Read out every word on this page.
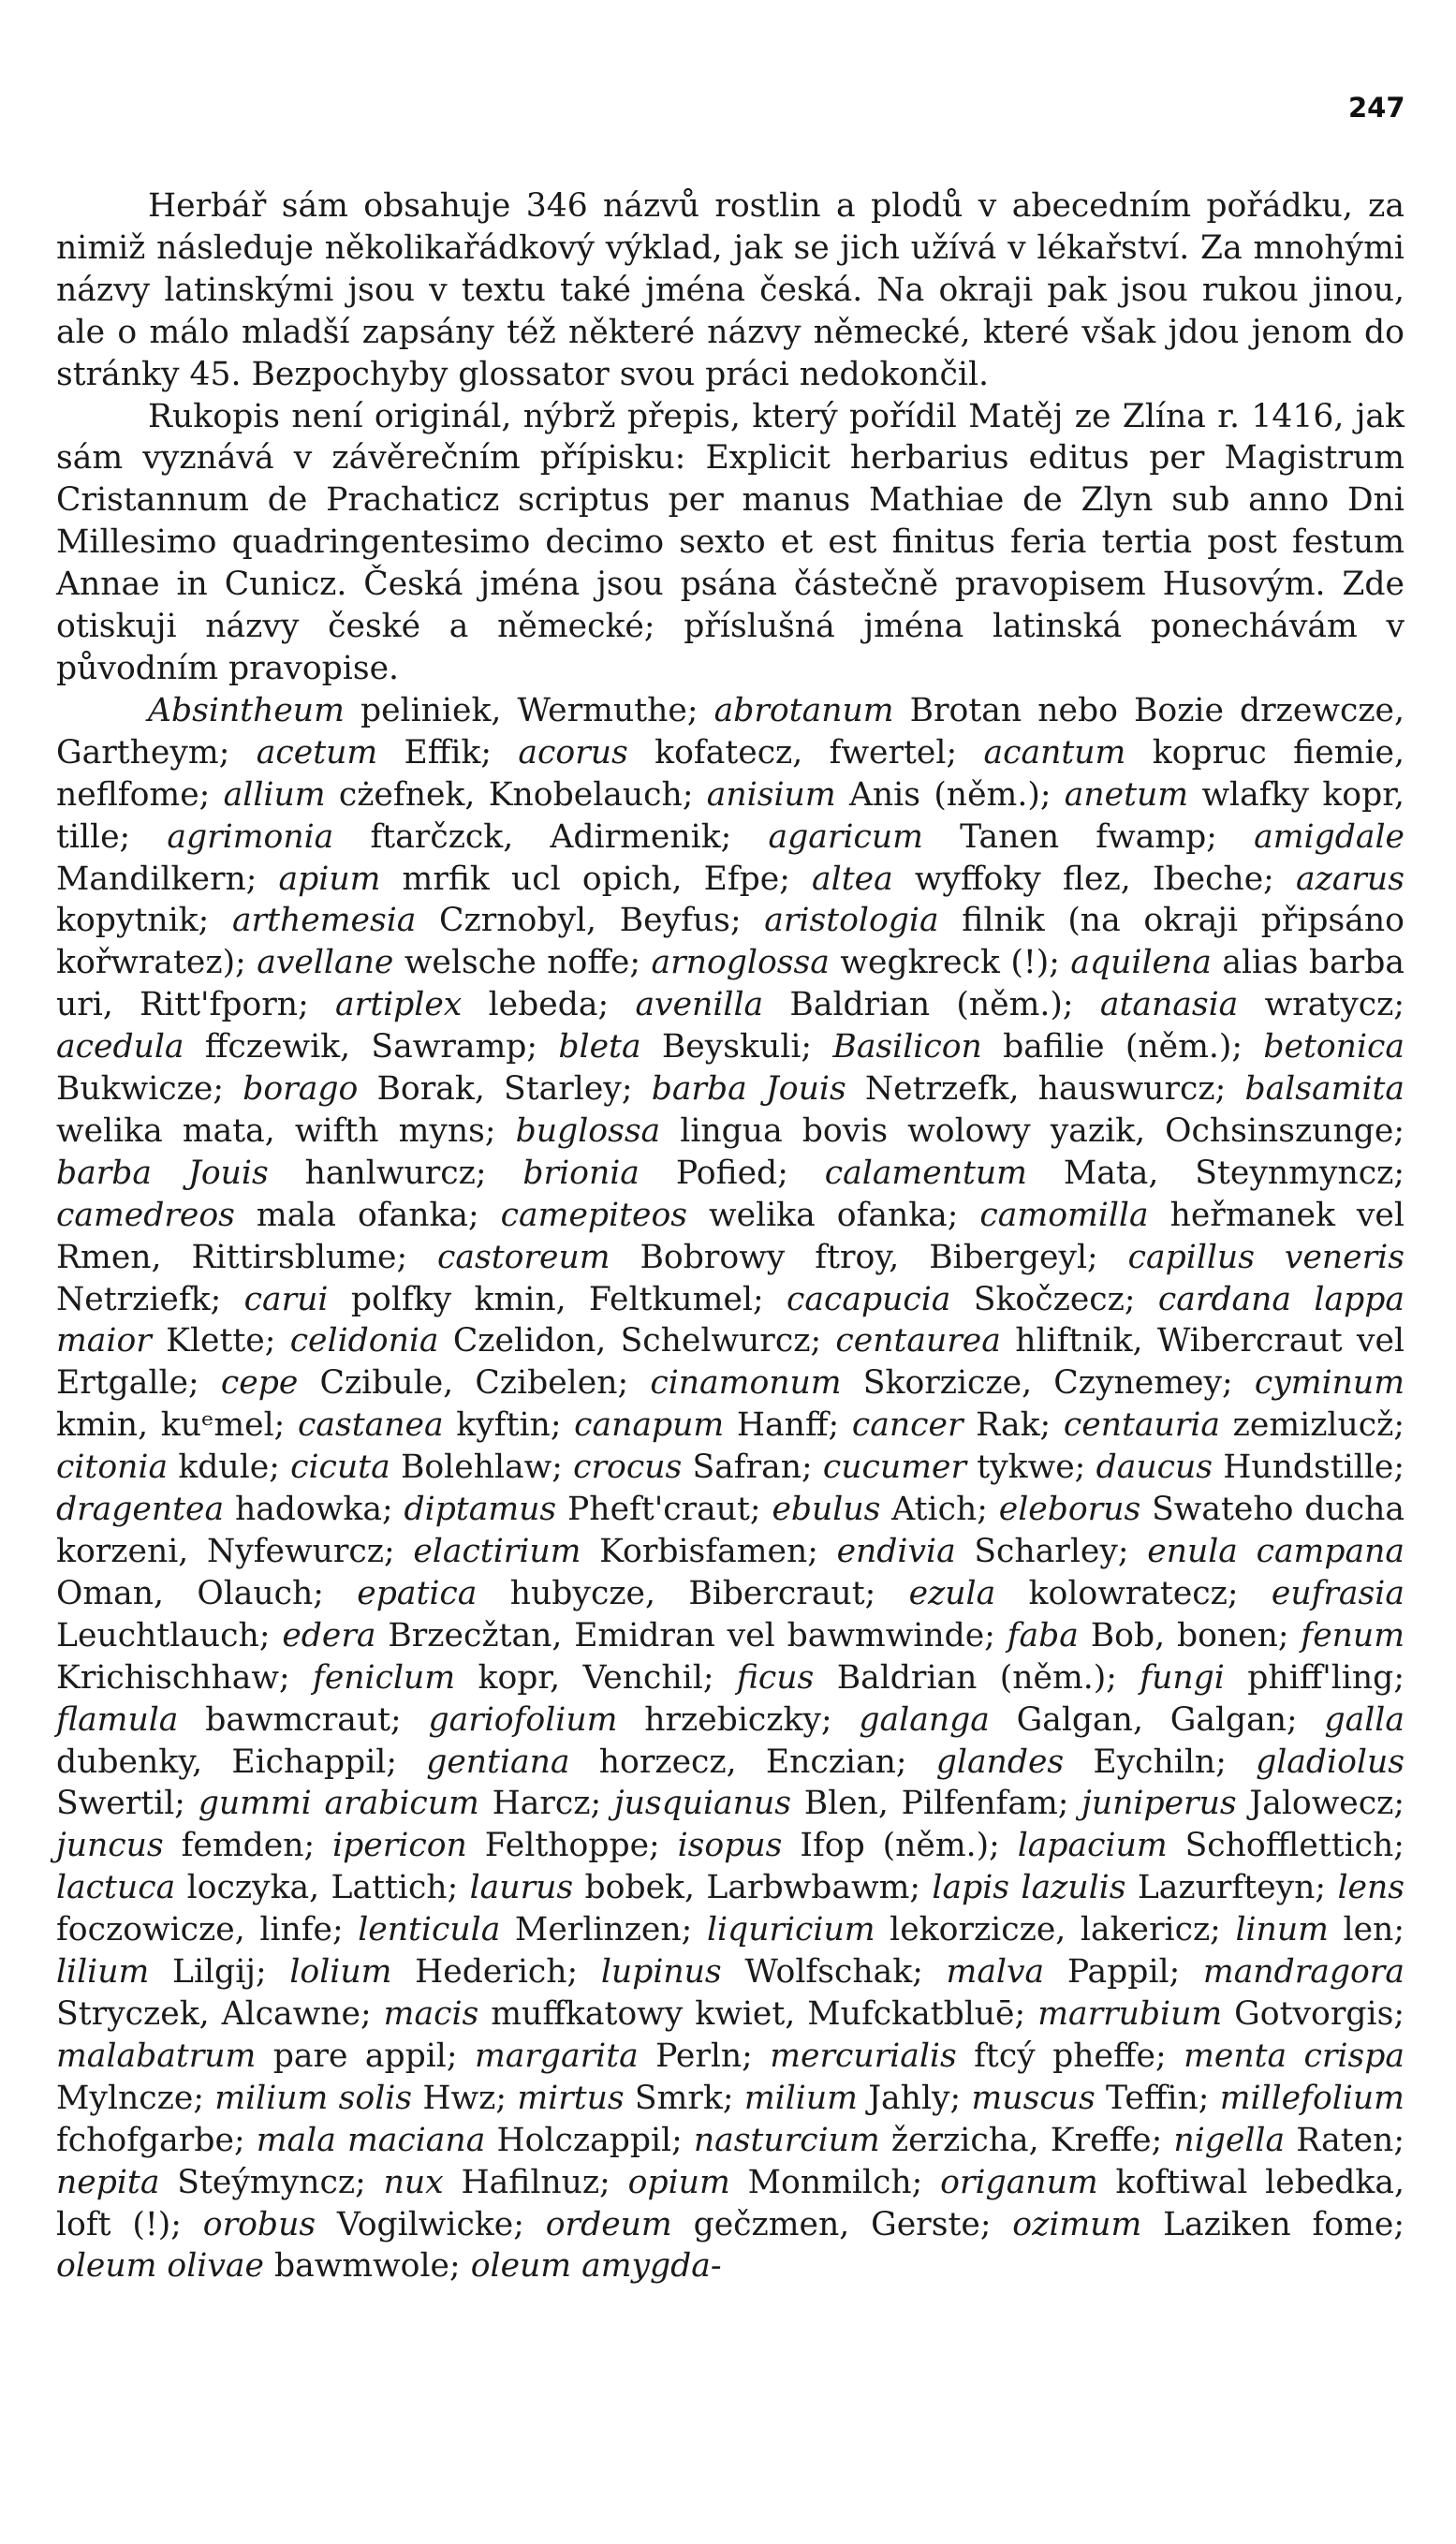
247

Herbář sám obsahuje 346 názvů rostlin a plodů v abecedním pořádku, za nimiž následuje několikařádkový výklad, jak se jich užívá v lékařství. Za mnohými názvy latinskými jsou v textu také jména česká. Na okraji pak jsou rukou jinou, ale o málo mladší zapsány též některé názvy německé, které však jdou jenom do stránky 45. Bezpochyby glossator svou práci nedokončil.

Rukopis není originál, nýbrž přepis, který pořídil Matěj ze Zlína r. 1416, jak sám vyznává v závěrečním přípisku: Explicit herbarius editus per Magistrum Cristannum de Prachaticz scriptus per manus Mathiae de Zlyn sub anno Dni Millesimo quadringentesimo decimo sexto et est finitus feria tertia post festum Annae in Cunicz. Česká jména jsou psána částečně pravopisem Husovým. Zde otiskuji názvy české a německé; příslušná jména latinská ponechávám v původním pravopise.

Absintheum peliniek, Wermuthe; abrotanum Brotan nebo Bozie drzewcze, Gartheym; acetum Effik; acorus kofatecz, fwertel; acantum kopruc fiemie, neflfome; allium cżefnek, Knobelauch; anisium Anis (něm.); anetum wlafky kopr, tille; agrimonia ftarčzck, Adirmenik; agaricum Tanen fwamp; amigdale Mandilkern; apium mrfik ucl opich, Efpe; altea wyffoky flez, Ibeche; azarus kopytnik; arthemesia Czrnobyl, Beyfus; aristologia filnik (na okraji připsáno kořwratez); avellane welsche noffe; arnoglossa wegkreck (!); aquilena alias barba uri, Ritt'fporn; artiplex lebeda; avenilla Baldrian (něm.); atanasia wratycz; acedula ffczewik, Sawramp; bleta Beyskuli; Basilicon bafilie (něm.); betonica Bukwicze; borago Borak, Starley; barba Jouis Netrzefk, hauswurcz; balsamita welika mata, wifth myns; buglossa lingua bovis wolowy yazik, Ochsinszunge; barba Jouis hanlwurcz; brionia Pofied; calamentum Mata, Steynmyncz; camedreos mala ofanka; camepiteos welika ofanka; camomilla heřmanek vel Rmen, Rittirsblume; castoreum Bobrowy ftroy, Bibergeyl; capillus veneris Netrziefk; carui polfky kmin, Feltkumel; cacapucia Skočzecz; cardana lappa maior Klette; celidonia Czelidon, Schelwurcz; centaurea hliftnik, Wibercraut vel Ertgalle; cepe Czibule, Czibelen; cinamonum Skorzicze, Czynemey; cyminum kmin, kuᵉmel; castanea kyftin; canapum Hanff; cancer Rak; centauria zemizlucž; citonia kdule; cicuta Bolehlaw; crocus Safran; cucumer tykwe; daucus Hundstille; dragentea hadowka; diptamus Pheft'craut; ebulus Atich; eleborus Swateho ducha korzeni, Nyfewurcz; elactirium Korbisfamen; endivia Scharley; enula campana Oman, Olauch; epatica hubycze, Bibercraut; ezula kolowratecz; eufrasia Leuchtlauch; edera Brzecžtan, Emidran vel bawmwinde; faba Bob, bonen; fenum Krichischhaw; feniclum kopr, Venchil; ficus Baldrian (něm.); fungi phiff'ling; flamula bawmcraut; gariofolium hrzebiczky; galanga Galgan, Galgan; galla dubenky, Eichappil; gentiana horzecz, Enczian; glandes Eychiln; gladiolus Swertil; gummi arabicum Harcz; jusquianus Blen, Pilfenfam; juniperus Jalowecz; juncus femden; ipericon Felthoppe; isopus Ifop (něm.); lapacium Schofflettich; lactuca loczyka, Lattich; laurus bobek, Larbwbawm; lapis lazulis Lazurfteyn; lens foczowicze, linfe; lenticula Merlinzen; liquricium lekorzicze, lakericz; linum len; lilium Lilgij; lolium Hederich; lupinus Wolfschak; malva Pappil; mandragora Stryczek, Alcawne; macis muffkatowy kwiet, Mufckatbluē; marrubium Gotvorgis; malabatrum pare appil; margarita Perln; mercurialis ftcý pheffe; menta crispa Mylncze; milium solis Hwz; mirtus Smrk; milium Jahly; muscus Teffin; millefolium fchofgarbe; mala maciana Holczappil; nasturcium žerzicha, Kreffe; nigella Raten; nepita Steýmyncz; nux Hafilnuz; opium Monmilch; origanum koftiwal lebedka, loft (!); orobus Vogilwicke; ordeum gečzmen, Gerste; ozimum Laziken fome; oleum olivae bawmwole; oleum amygda-
